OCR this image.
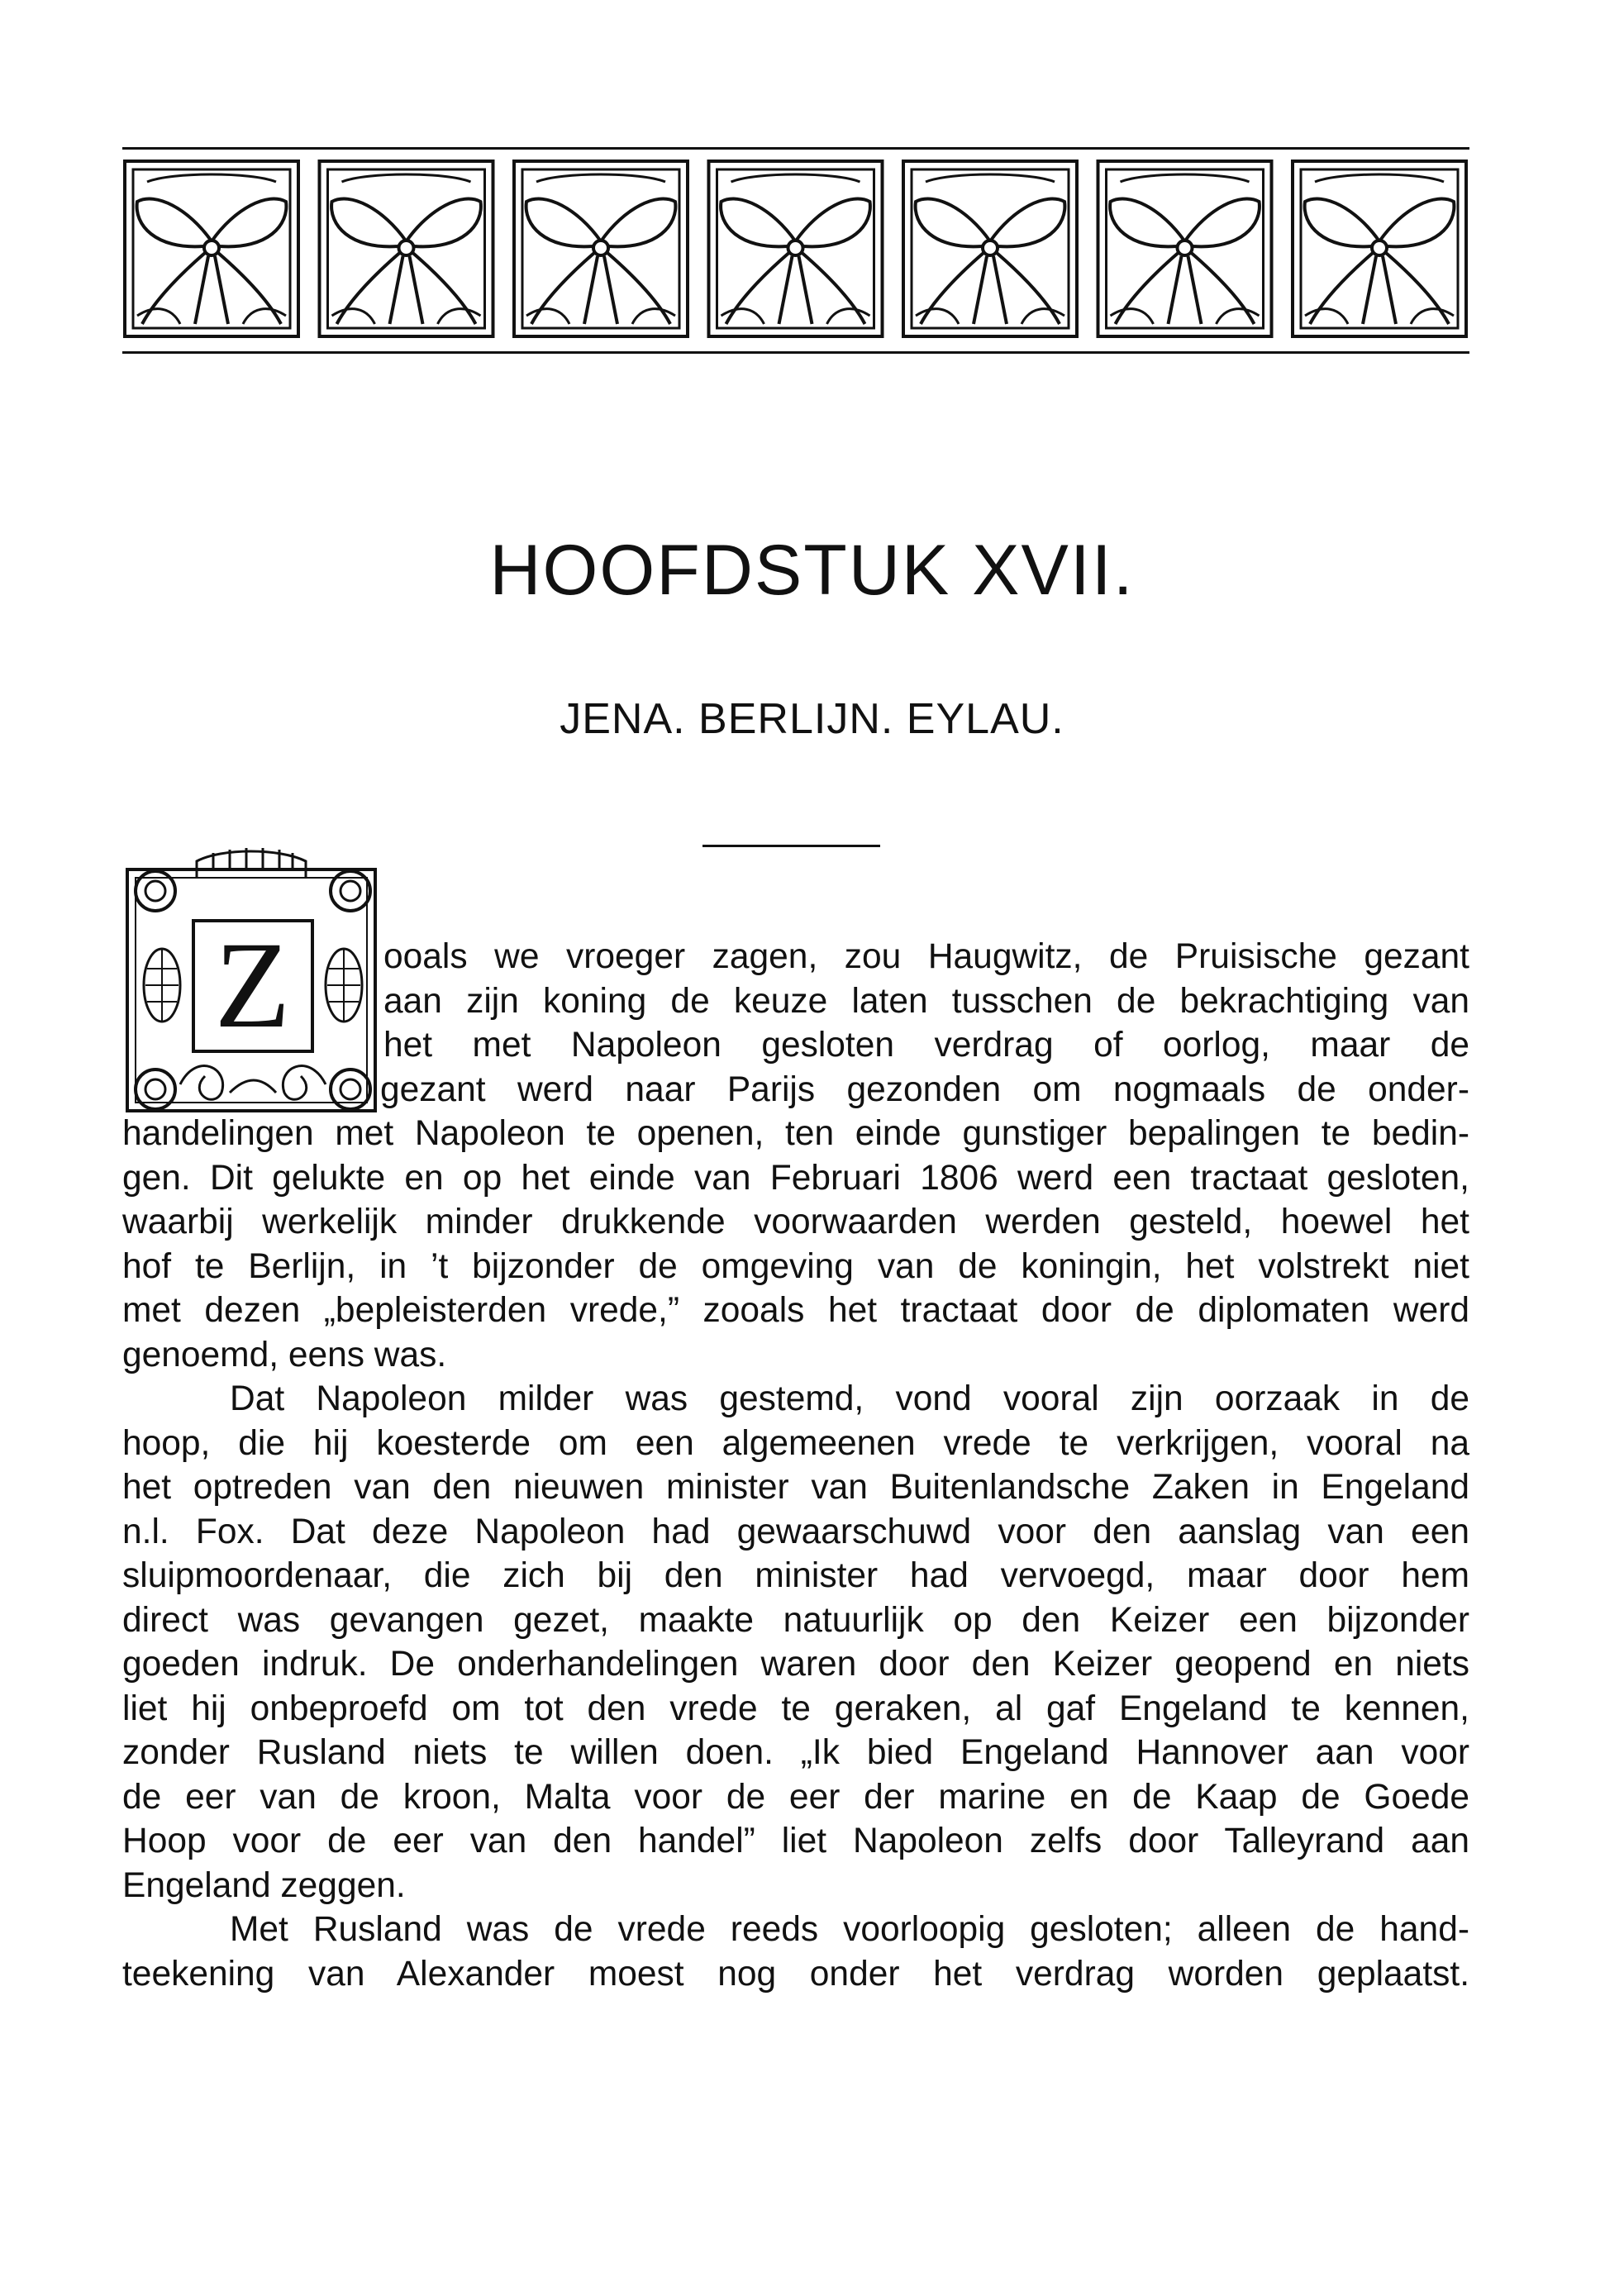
HOOFDSTUK XVII.
JENA. BERLIJN. EYLAU.
Z	ooals we vroeger zagen, zou Haugwitz, de Pruisische gezant
aan zijn koning de keuze laten tusschen de bekrachtiging van
het met Napoleon gesloten verdrag of oorlog, maar de
gezant werd naar Parijs gezonden om nogmaals de onder-
handelingen met Napoleon te openen, ten einde gunstiger bepalingen te bedin-
gen. Dit gelukte en op het einde van Februari 1806 werd een tractaat gesloten,
waarbij werkelijk minder drukkende voorwaarden werden gesteld, hoewel het
hof te Berlijn, in ’t bijzonder de omgeving van de koningin, het volstrekt niet
met dezen „bepleisterden vrede,” zooals het tractaat door de diplomaten werd
genoemd, eens was.
Dat Napoleon milder was gestemd, vond vooral zijn oorzaak in de
hoop, die hij koesterde om een algemeenen vrede te verkrijgen, vooral na
het optreden van den nieuwen minister van Buitenlandsche Zaken in Engeland
n.l. Fox. Dat deze Napoleon had gewaarschuwd voor den aanslag van een
sluipmoordenaar, die zich bij den minister had vervoegd, maar door hem
direct was gevangen gezet, maakte natuurlijk op den Keizer een bijzonder
goeden indruk. De onderhandelingen waren door den Keizer geopend en niets
liet hij onbeproefd om tot den vrede te geraken, al gaf Engeland te kennen,
zonder Rusland niets te willen doen. „Ik bied Engeland Hannover aan voor
de eer van de kroon, Malta voor de eer der marine en de Kaap de Goede
Hoop voor de eer van den handel” liet Napoleon zelfs door Talleyrand aan
Engeland zeggen.
Met Rusland was de vrede reeds voorloopig gesloten; alleen de hand-
teekening van Alexander moest nog onder het verdrag worden geplaatst.
